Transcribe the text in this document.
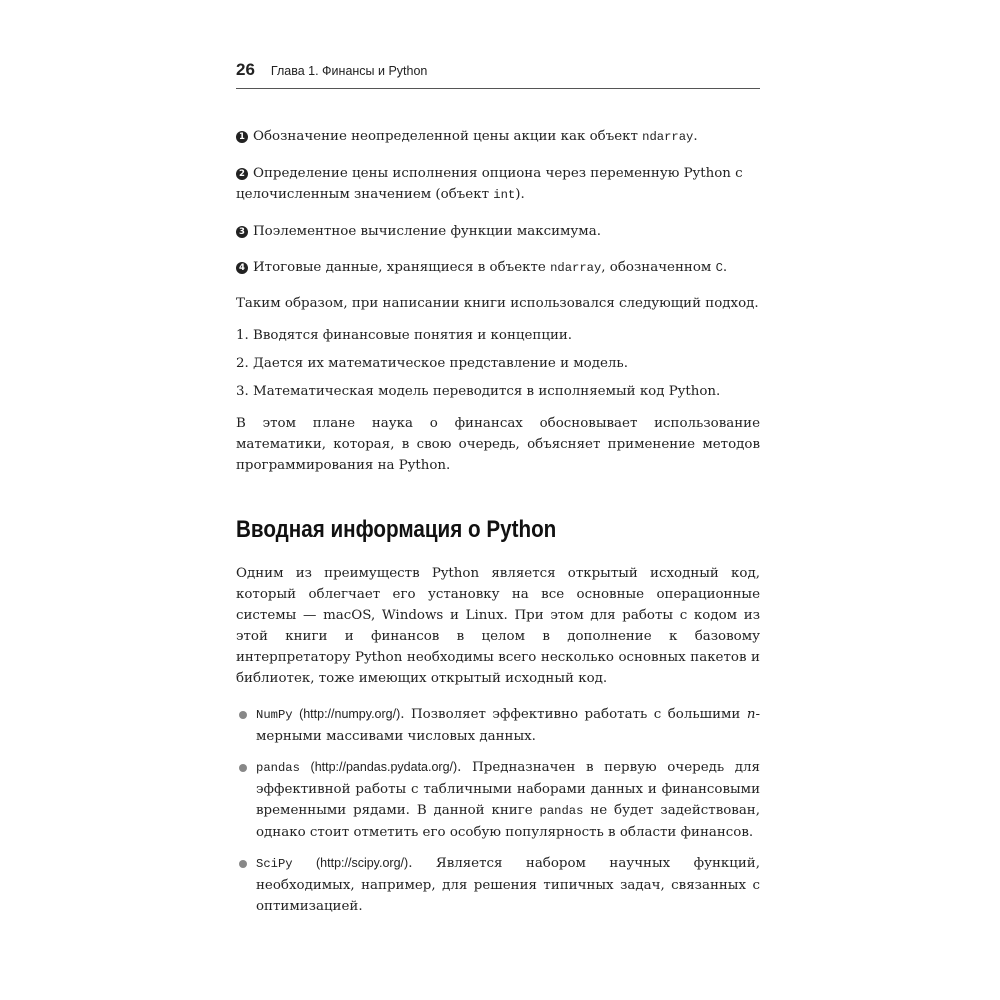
26 Глава 1. Финансы и Python

1 Обозначение неопределенной цены акции как объект ndarray.

2 Определение цены исполнения опциона через переменную Python с целочисленным значением (объект int).

3 Поэлементное вычисление функции максимума.

4 Итоговые данные, хранящиеся в объекте ndarray, обозначенном C.

Таким образом, при написании книги использовался следующий подход.

1. Вводятся финансовые понятия и концепции.
2. Дается их математическое представление и модель.
3. Математическая модель переводится в исполняемый код Python.

В этом плане наука о финансах обосновывает использование математики, которая, в свою очередь, объясняет применение методов программирования на Python.

Вводная информация о Python

Одним из преимуществ Python является открытый исходный код, который облегчает его установку на все основные операционные системы — macOS, Windows и Linux. При этом для работы с кодом из этой книги и финансов в целом в дополнение к базовому интерпретатору Python необходимы всего несколько основных пакетов и библиотек, тоже имеющих открытый исходный код.

NumPy (http://numpy.org/). Позволяет эффективно работать с большими n-мерными массивами числовых данных.
pandas (http://pandas.pydata.org/). Предназначен в первую очередь для эффективной работы с табличными наборами данных и финансовыми временными рядами. В данной книге pandas не будет задействован, однако стоит отметить его особую популярность в области финансов.
SciPy (http://scipy.org/). Является набором научных функций, необходимых, например, для решения типичных задач, связанных с оптимизацией.
